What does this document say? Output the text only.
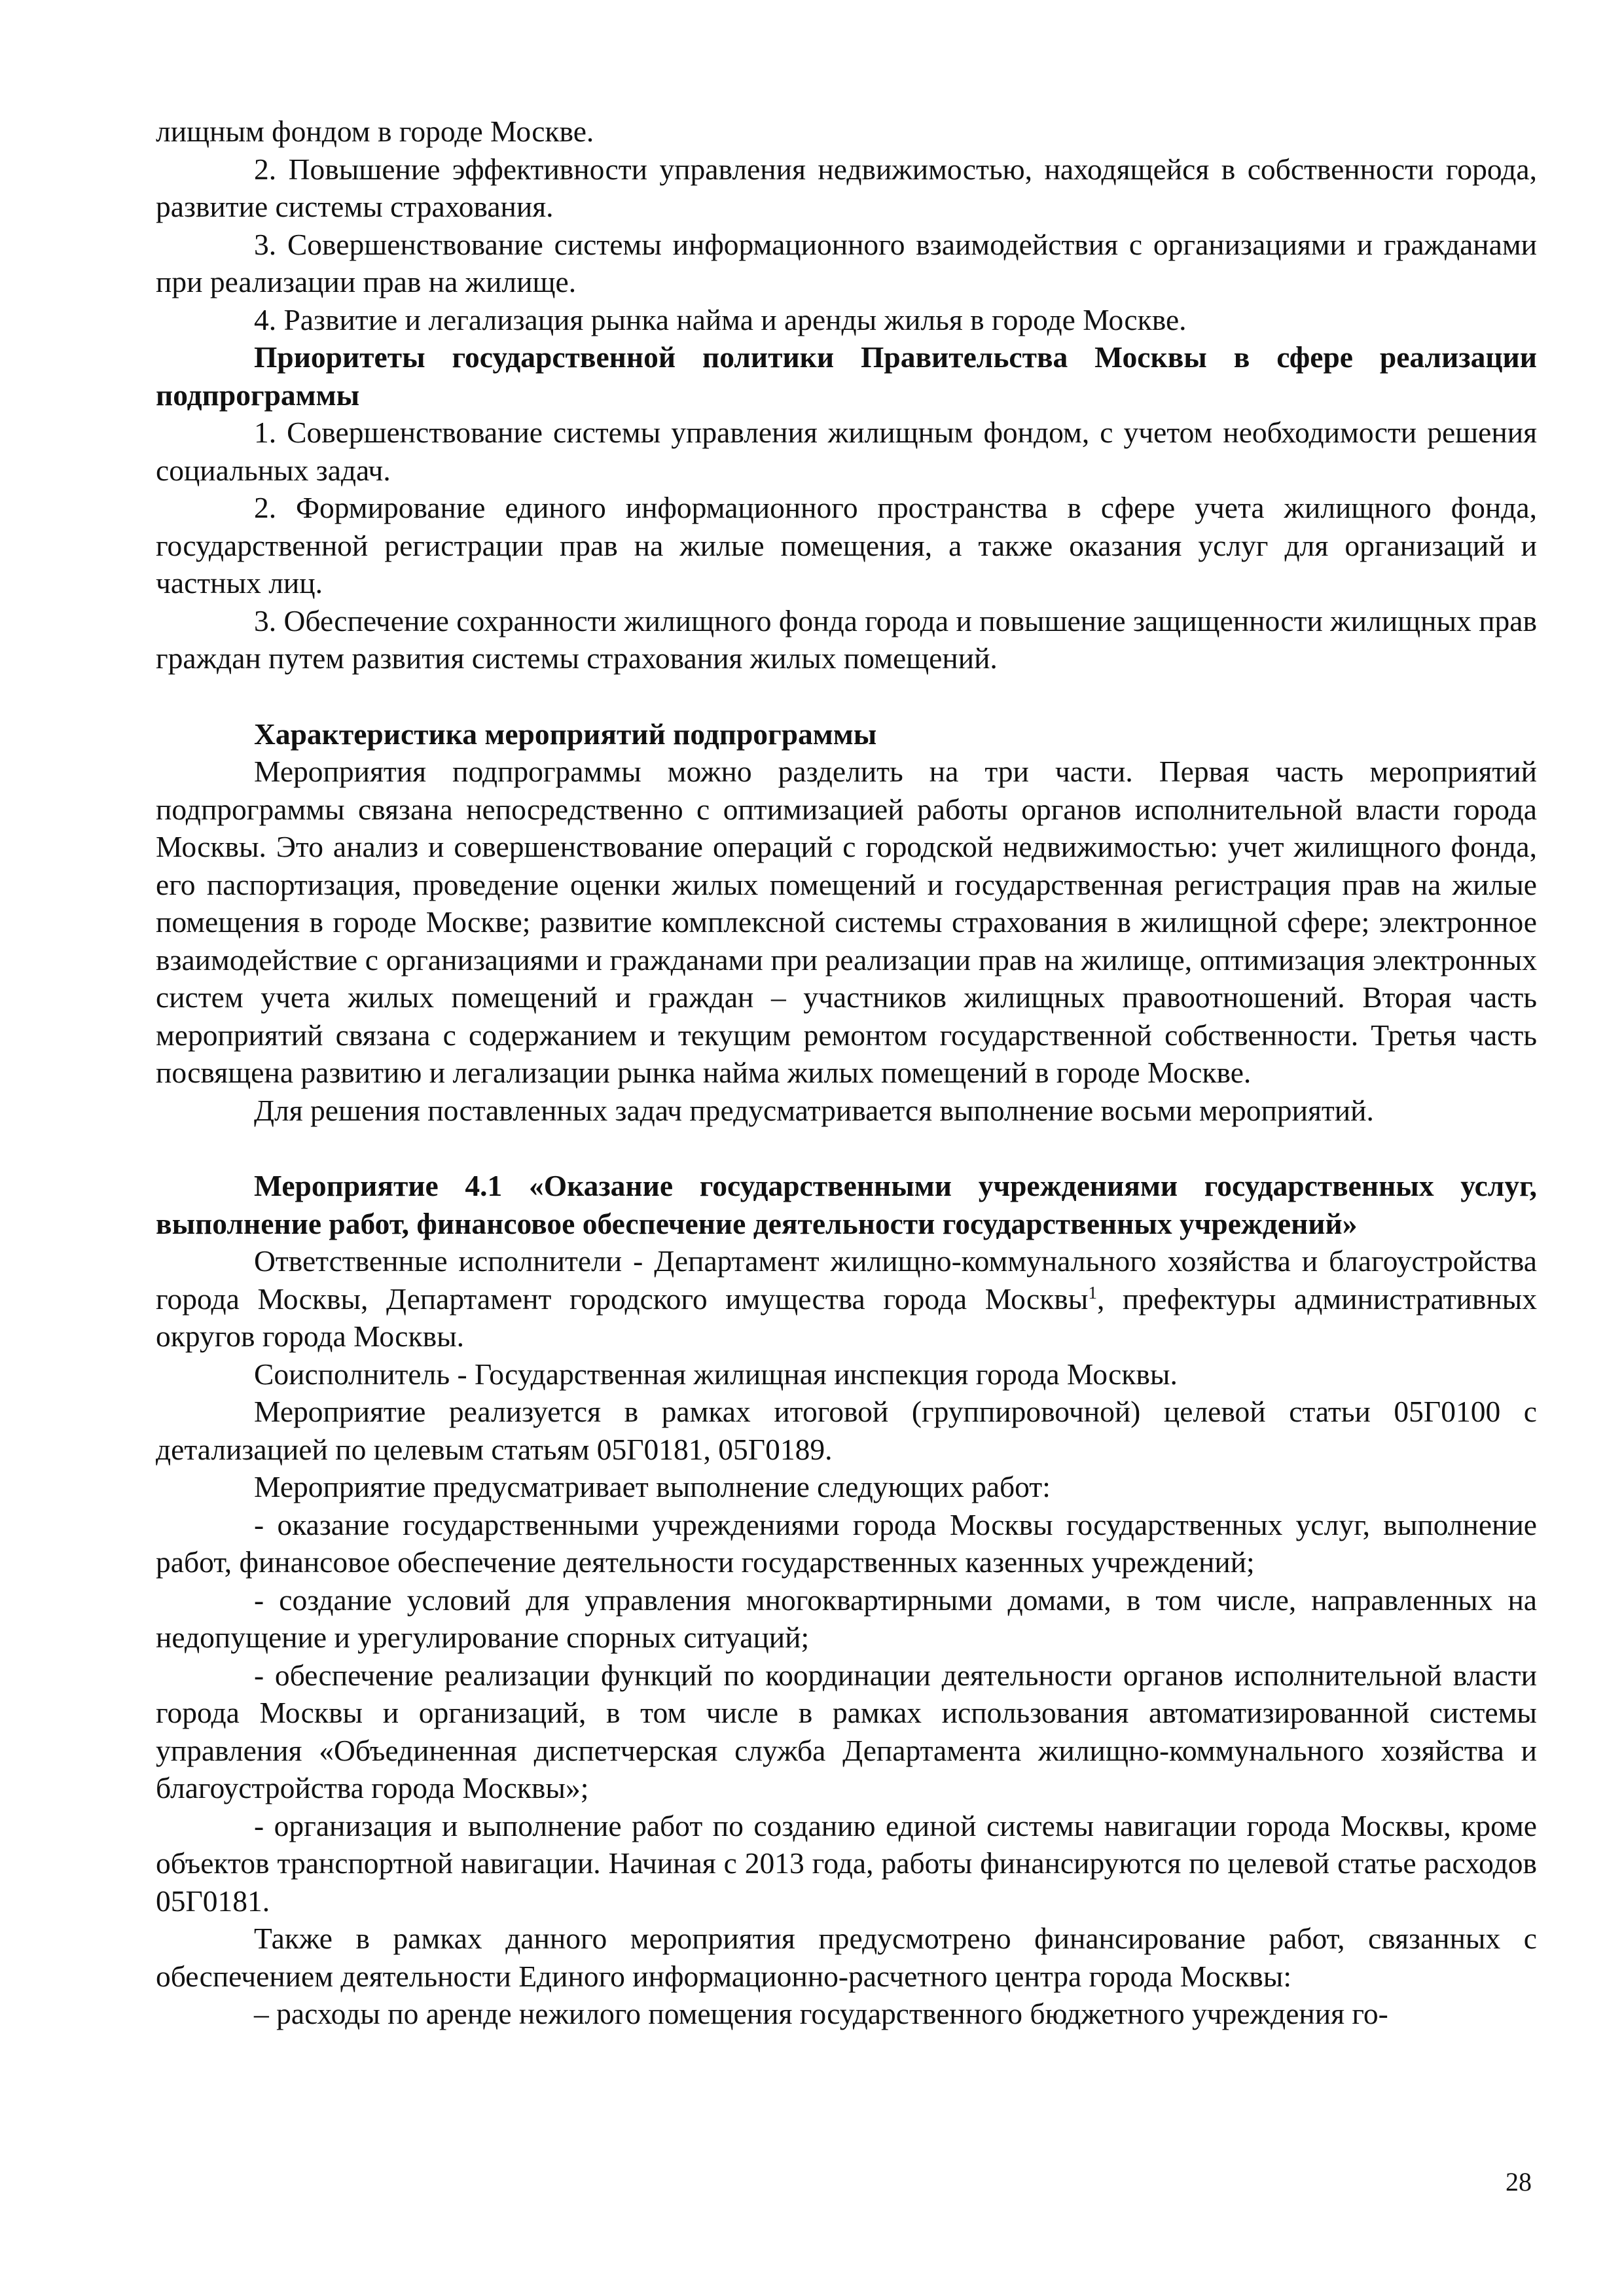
лищным фондом в городе Москве.

2. Повышение эффективности управления недвижимостью, находящейся в собственности города, развитие системы страхования.

3. Совершенствование системы информационного взаимодействия с организациями и гражданами при реализации прав на жилище.

4. Развитие и легализация рынка найма и аренды жилья в городе Москве.

Приоритеты государственной политики Правительства Москвы в сфере реализации подпрограммы

1. Совершенствование системы управления жилищным фондом, с учетом необходимости решения социальных задач.

2. Формирование единого информационного пространства в сфере учета жилищного фонда, государственной регистрации прав на жилые помещения, а также оказания услуг для организаций и частных лиц.

3. Обеспечение сохранности жилищного фонда города и повышение защищенности жилищных прав граждан путем развития системы страхования жилых помещений.

Характеристика мероприятий подпрограммы

Мероприятия подпрограммы можно разделить на три части. Первая часть мероприятий подпрограммы связана непосредственно с оптимизацией работы органов исполнительной власти города Москвы. Это анализ и совершенствование операций с городской недвижимостью: учет жилищного фонда, его паспортизация, проведение оценки жилых помещений и государственная регистрация прав на жилые помещения в городе Москве; развитие комплексной системы страхования в жилищной сфере; электронное взаимодействие с организациями и гражданами при реализации прав на жилище, оптимизация электронных систем учета жилых помещений и граждан – участников жилищных правоотношений. Вторая часть мероприятий связана с содержанием и текущим ремонтом государственной собственности. Третья часть посвящена развитию и легализации рынка найма жилых помещений в городе Москве.

Для решения поставленных задач предусматривается выполнение восьми мероприятий.

Мероприятие 4.1 «Оказание государственными учреждениями государственных услуг, выполнение работ, финансовое обеспечение деятельности государственных учреждений»

Ответственные исполнители - Департамент жилищно-коммунального хозяйства и благоустройства города Москвы, Департамент городского имущества города Москвы$^1$, префектуры административных округов города Москвы.

Соисполнитель - Государственная жилищная инспекция города Москвы.

Мероприятие реализуется в рамках итоговой (группировочной) целевой статьи 05Г0100 с детализацией по целевым статьям 05Г0181, 05Г0189.

Мероприятие предусматривает выполнение следующих работ:

- оказание государственными учреждениями города Москвы государственных услуг, выполнение работ, финансовое обеспечение деятельности государственных казенных учреждений;

- создание условий для управления многоквартирными домами, в том числе, направленных на недопущение и урегулирование спорных ситуаций;

- обеспечение реализации функций по координации деятельности органов исполнительной власти города Москвы и организаций, в том числе в рамках использования автоматизированной системы управления «Объединенная диспетчерская служба Департамента жилищно-коммунального хозяйства и благоустройства города Москвы»;

- организация и выполнение работ по созданию единой системы навигации города Москвы, кроме объектов транспортной навигации. Начиная с 2013 года, работы финансируются по целевой статье расходов 05Г0181.

Также в рамках данного мероприятия предусмотрено финансирование работ, связанных с обеспечением деятельности Единого информационно-расчетного центра города Москвы:

– расходы по аренде нежилого помещения государственного бюджетного учреждения го-

28
